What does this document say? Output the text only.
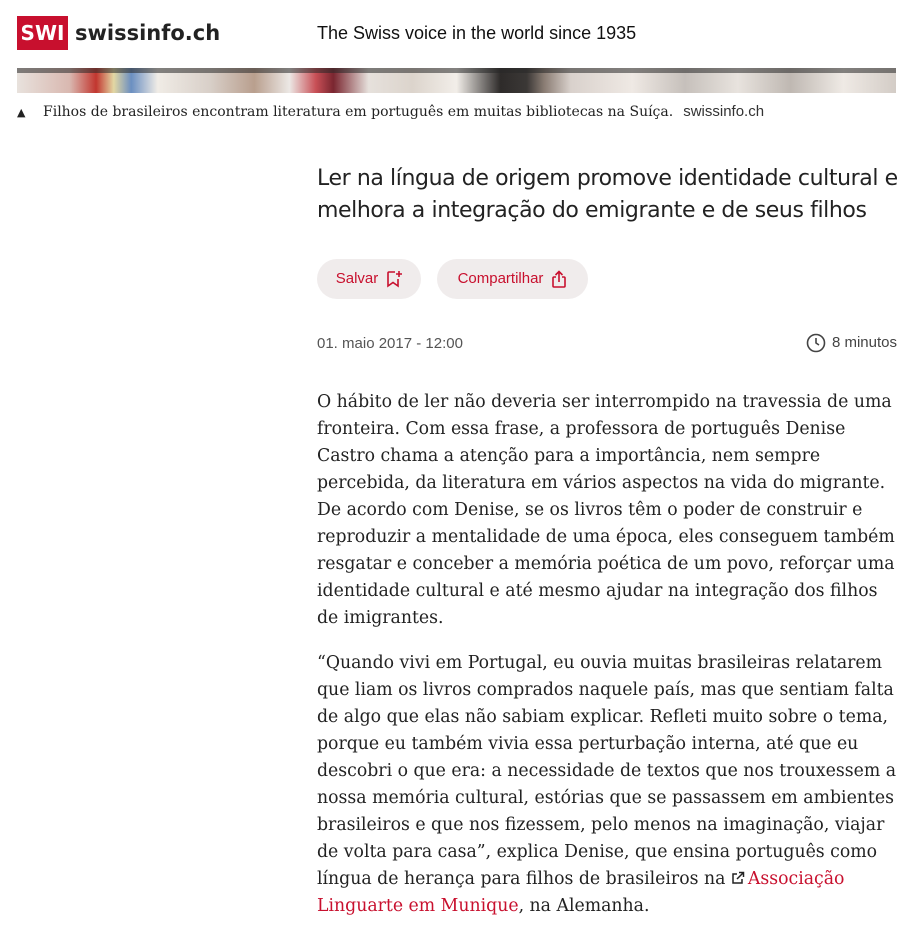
SWI swissinfo.ch	The Swiss voice in the world since 1935
▲ Filhos de brasileiros encontram literatura em português em muitas bibliotecas na Suíça. swissinfo.ch
Ler na língua de origem promove identidade cultural e melhora a integração do emigrante e de seus filhos
Salvar	Compartilhar
01. maio 2017 - 12:00	8 minutos

O hábito de ler não deveria ser interrompido na travessia de uma fronteira. Com essa frase, a professora de português Denise Castro chama a atenção para a importância, nem sempre percebida, da literatura em vários aspectos na vida do migrante. De acordo com Denise, se os livros têm o poder de construir e reproduzir a mentalidade de uma época, eles conseguem também resgatar e conceber a memória poética de um povo, reforçar uma identidade cultural e até mesmo ajudar na integração dos filhos de imigrantes.

“Quando vivi em Portugal, eu ouvia muitas brasileiras relatarem que liam os livros comprados naquele país, mas que sentiam falta de algo que elas não sabiam explicar. Refleti muito sobre o tema, porque eu também vivia essa perturbação interna, até que eu descobri o que era: a necessidade de textos que nos trouxessem a nossa memória cultural, estórias que se passassem em ambientes brasileiros e que nos fizessem, pelo menos na imaginação, viajar de volta para casa”, explica Denise, que ensina português como língua de herança para filhos de brasileiros na Associação Linguarte em Munique, na Alemanha.
